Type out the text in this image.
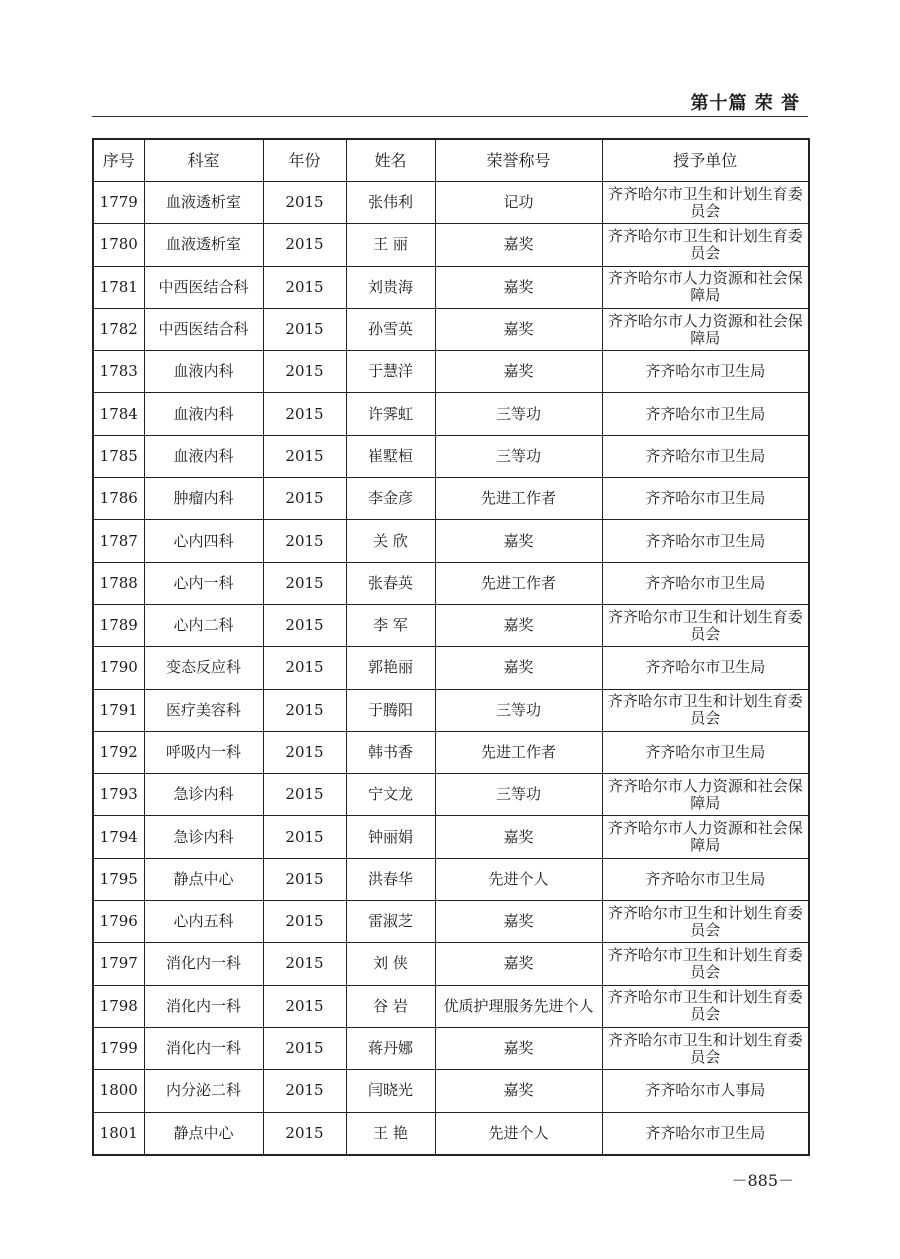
第十篇 荣 誉
序号	科室	年份	姓名	荣誉称号	授予单位
1779	血液透析室	2015	张伟利	记功	齐齐哈尔市卫生和计划生育委员会
1780	血液透析室	2015	王 丽	嘉奖	齐齐哈尔市卫生和计划生育委员会
1781	中西医结合科	2015	刘贵海	嘉奖	齐齐哈尔市人力资源和社会保障局
1782	中西医结合科	2015	孙雪英	嘉奖	齐齐哈尔市人力资源和社会保障局
1783	血液内科	2015	于慧洋	嘉奖	齐齐哈尔市卫生局
1784	血液内科	2015	许霁虹	三等功	齐齐哈尔市卫生局
1785	血液内科	2015	崔墅桓	三等功	齐齐哈尔市卫生局
1786	肿瘤内科	2015	李金彦	先进工作者	齐齐哈尔市卫生局
1787	心内四科	2015	关 欣	嘉奖	齐齐哈尔市卫生局
1788	心内一科	2015	张春英	先进工作者	齐齐哈尔市卫生局
1789	心内二科	2015	李 军	嘉奖	齐齐哈尔市卫生和计划生育委员会
1790	变态反应科	2015	郭艳丽	嘉奖	齐齐哈尔市卫生局
1791	医疗美容科	2015	于腾阳	三等功	齐齐哈尔市卫生和计划生育委员会
1792	呼吸内一科	2015	韩书香	先进工作者	齐齐哈尔市卫生局
1793	急诊内科	2015	宁文龙	三等功	齐齐哈尔市人力资源和社会保障局
1794	急诊内科	2015	钟丽娟	嘉奖	齐齐哈尔市人力资源和社会保障局
1795	静点中心	2015	洪春华	先进个人	齐齐哈尔市卫生局
1796	心内五科	2015	雷淑芝	嘉奖	齐齐哈尔市卫生和计划生育委员会
1797	消化内一科	2015	刘 侠	嘉奖	齐齐哈尔市卫生和计划生育委员会
1798	消化内一科	2015	谷 岩	优质护理服务先进个人	齐齐哈尔市卫生和计划生育委员会
1799	消化内一科	2015	蒋丹娜	嘉奖	齐齐哈尔市卫生和计划生育委员会
1800	内分泌二科	2015	闫晓光	嘉奖	齐齐哈尔市人事局
1801	静点中心	2015	王 艳	先进个人	齐齐哈尔市卫生局
－885－
